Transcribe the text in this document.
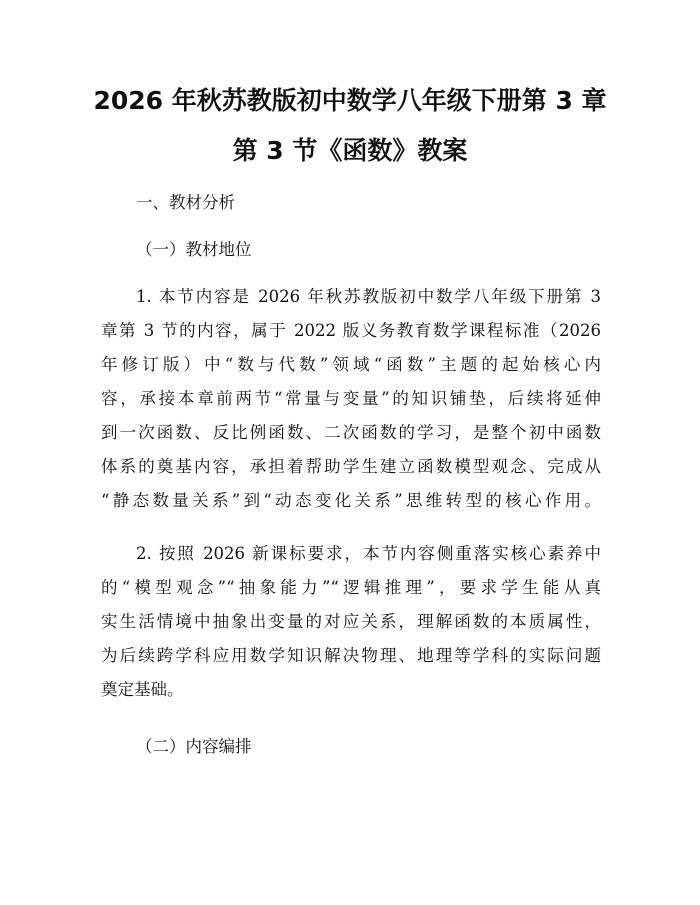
2026 年秋苏教版初中数学八年级下册第 3 章
第 3 节《函数》教案
一、教材分析
（一）教材地位
1. 本节内容是 2026 年秋苏教版初中数学八年级下册第 3
章第 3 节的内容，属于 2022 版义务教育数学课程标准（2026
年修订版）中“数与代数”领域“函数”主题的起始核心内
容，承接本章前两节“常量与变量”的知识铺垫，后续将延伸
到一次函数、反比例函数、二次函数的学习，是整个初中函数
体系的奠基内容，承担着帮助学生建立函数模型观念、完成从
“静态数量关系”到“动态变化关系”思维转型的核心作用。
2. 按照 2026 新课标要求，本节内容侧重落实核心素养中
的“模型观念”“抽象能力”“逻辑推理”，要求学生能从真
实生活情境中抽象出变量的对应关系，理解函数的本质属性，
为后续跨学科应用数学知识解决物理、地理等学科的实际问题
奠定基础。
（二）内容编排
